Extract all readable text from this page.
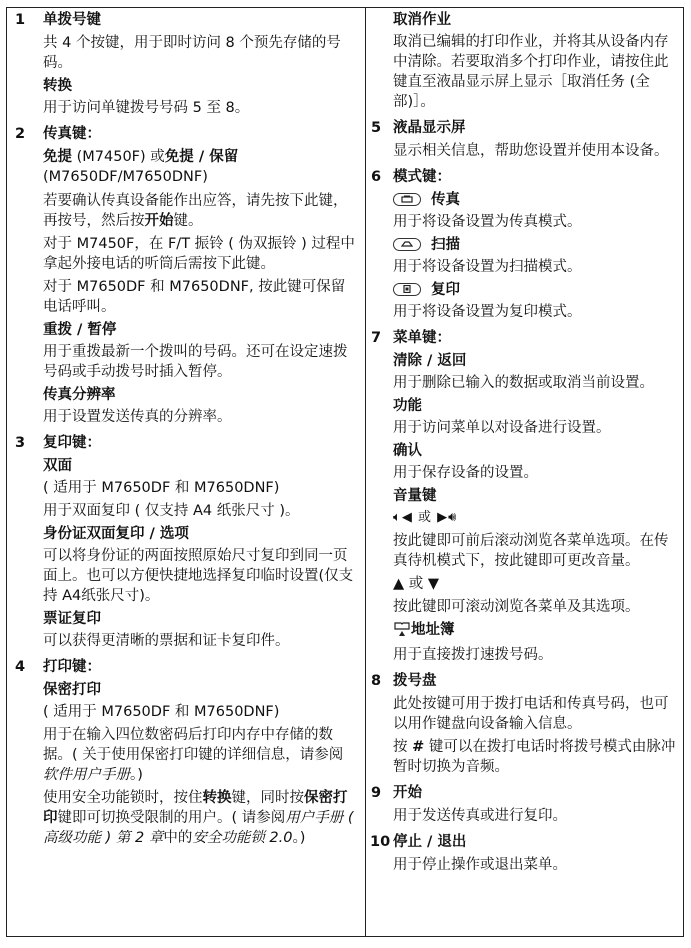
1 单拨号键
共 4 个按键，用于即时访问 8 个预先存储的号码。
转换
用于访问单键拨号号码 5 至 8。
2 传真键：
免提 (M7450F) 或免提 / 保留
(M7650DF/M7650DNF)
若要确认传真设备能作出应答，请先按下此键，再按号，然后按开始键。
对于 M7450F，在 F/T 振铃 ( 伪双振铃 ) 过程中拿起外接电话的听筒后需按下此键。
对于 M7650DF 和 M7650DNF, 按此键可保留电话呼叫。
重拨 / 暂停
用于重拨最新一个拨叫的号码。还可在设定速拨号码或手动拨号时插入暂停。
传真分辨率
用于设置发送传真的分辨率。
3 复印键：
双面
( 适用于 M7650DF 和 M7650DNF)
用于双面复印 ( 仅支持 A4 纸张尺寸 )。
身份证双面复印 / 选项
可以将身份证的两面按照原始尺寸复印到同一页面上。也可以方便快捷地选择复印临时设置(仅支持 A4纸张尺寸)。
票证复印
可以获得更清晰的票据和证卡复印件。
4 打印键：
保密打印
( 适用于 M7650DF 和 M7650DNF)
用于在输入四位数密码后打印内存中存储的数据。( 关于使用保密打印键的详细信息，请参阅软件用户手册。)
使用安全功能锁时，按住转换键，同时按保密打印键即可切换受限制的用户。( 请参阅用户手册 ( 高级功能 ) 第 2 章中的安全功能锁 2.0。)
取消作业
取消已编辑的打印作业，并将其从设备内存中清除。若要取消多个打印作业，请按住此键直至液晶显示屏上显示［取消任务 (全部)］。
5 液晶显示屏
显示相关信息，帮助您设置并使用本设备。
6 模式键：
传真
用于将设备设置为传真模式。
扫描
用于将设备设置为扫描模式。
复印
用于将设备设置为复印模式。
7 菜单键：
清除 / 返回
用于删除已输入的数据或取消当前设置。
功能
用于访问菜单以对设备进行设置。
确认
用于保存设备的设置。
音量键
🔈︎◀ 或 ▶🔊︎
按此键即可前后滚动浏览各菜单选项。在传真待机模式下，按此键即可更改音量。
▲ 或 ▼
按此键即可滚动浏览各菜单及其选项。
地址簿
用于直接拨打速拨号码。
8 拨号盘
此处按键可用于拨打电话和传真号码，也可以用作键盘向设备输入信息。
按 # 键可以在拨打电话时将拨号模式由脉冲暂时切换为音频。
9 开始
用于发送传真或进行复印。
10 停止 / 退出
用于停止操作或退出菜单。
